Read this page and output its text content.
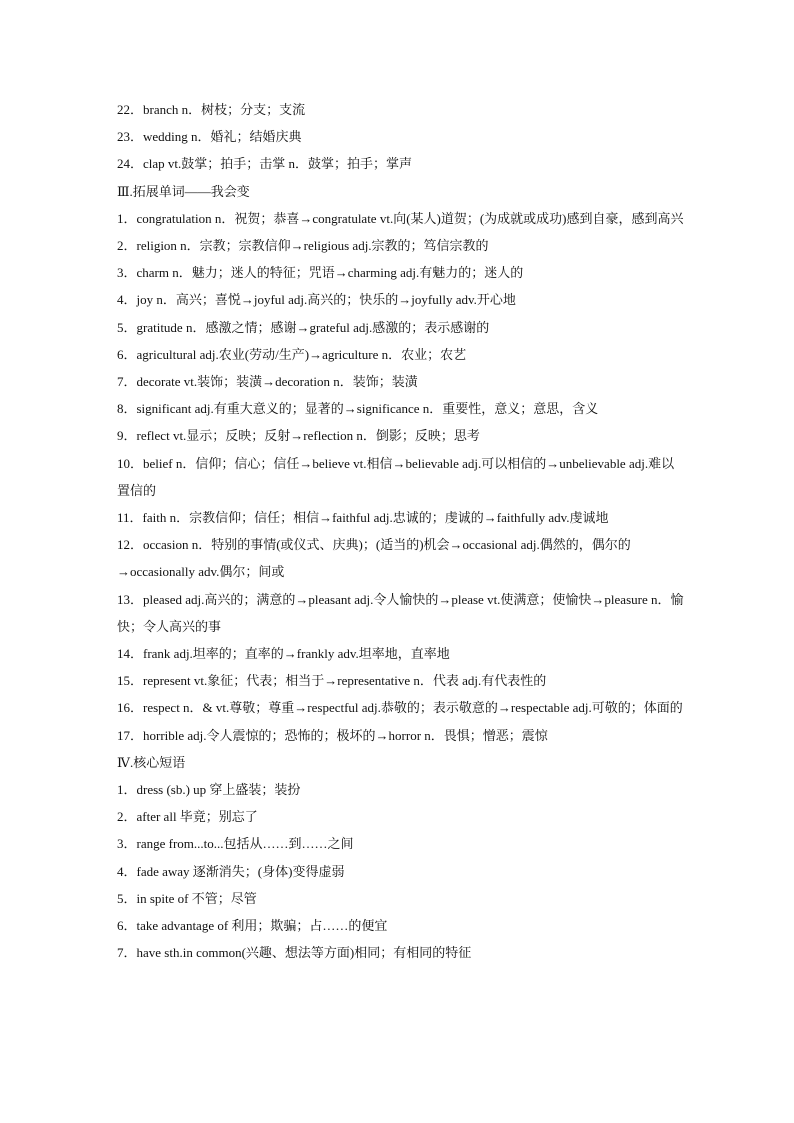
22．branch n．树枝；分支；支流
23．wedding n．婚礼；结婚庆典
24．clap vt.鼓掌；拍手；击掌 n．鼓掌；拍手；掌声
Ⅲ.拓展单词——我会变
1．congratulation n．祝贺；恭喜→congratulate vt.向(某人)道贺；(为成就或成功)感到自豪，感到高兴
2．religion n．宗教；宗教信仰→religious adj.宗教的；笃信宗教的
3．charm n．魅力；迷人的特征；咒语→charming adj.有魅力的；迷人的
4．joy n．高兴；喜悦→joyful adj.高兴的；快乐的→joyfully adv.开心地
5．gratitude n．感激之情；感谢→grateful adj.感激的；表示感谢的
6．agricultural adj.农业(劳动/生产)→agriculture n．农业；农艺
7．decorate vt.装饰；装潢→decoration n．装饰；装潢
8．significant adj.有重大意义的；显著的→significance n．重要性，意义；意思，含义
9．reflect vt.显示；反映；反射→reflection n．倒影；反映；思考
10．belief n．信仰；信心；信任→believe vt.相信→believable adj.可以相信的→unbelievable adj.难以置信的
11．faith n．宗教信仰；信任；相信→faithful adj.忠诚的；虔诚的→faithfully adv.虔诚地
12．occasion n．特别的事情(或仪式、庆典)；(适当的)机会→occasional adj.偶然的，偶尔的→occasionally adv.偶尔；间或
13．pleased adj.高兴的；满意的→pleasant adj.令人愉快的→please vt.使满意；使愉快→pleasure n．愉快；令人高兴的事
14．frank adj.坦率的；直率的→frankly adv.坦率地，直率地
15．represent vt.象征；代表；相当于→representative n．代表 adj.有代表性的
16．respect n．& vt.尊敬；尊重→respectful adj.恭敬的；表示敬意的→respectable adj.可敬的；体面的
17．horrible adj.令人震惊的；恐怖的；极坏的→horror n．畏惧；憎恶；震惊
Ⅳ.核心短语
1．dress (sb.) up 穿上盛装；装扮
2．after all 毕竟；别忘了
3．range from...to...包括从……到……之间
4．fade away 逐渐消失；(身体)变得虚弱
5．in spite of 不管；尽管
6．take advantage of 利用；欺骗；占……的便宜
7．have sth.in common(兴趣、想法等方面)相同；有相同的特征
